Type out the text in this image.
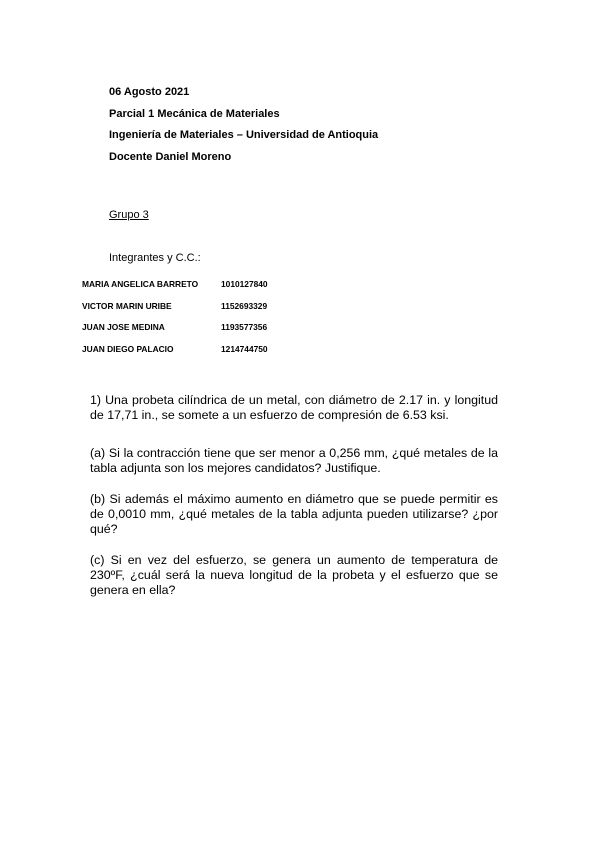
06 Agosto 2021
Parcial 1 Mecánica de Materiales
Ingeniería de Materiales – Universidad de Antioquia
Docente Daniel Moreno
Grupo 3
Integrantes y C.C.:
MARIA ANGELICA BARRETO	1010127840
VICTOR MARIN URIBE	1152693329
JUAN JOSE MEDINA	1193577356
JUAN DIEGO PALACIO	1214744750
1) Una probeta cilíndrica de un metal, con diámetro de 2.17 in. y longitud de 17,71 in., se somete a un esfuerzo de compresión de 6.53 ksi.
(a) Si la contracción tiene que ser menor a 0,256 mm, ¿qué metales de la tabla adjunta son los mejores candidatos? Justifique.
(b) Si además el máximo aumento en diámetro que se puede permitir es de 0,0010 mm, ¿qué metales de la tabla adjunta pueden utilizarse? ¿por qué?
(c) Si en vez del esfuerzo, se genera un aumento de temperatura de 230ºF, ¿cuál será la nueva longitud de la probeta y el esfuerzo que se genera en ella?
